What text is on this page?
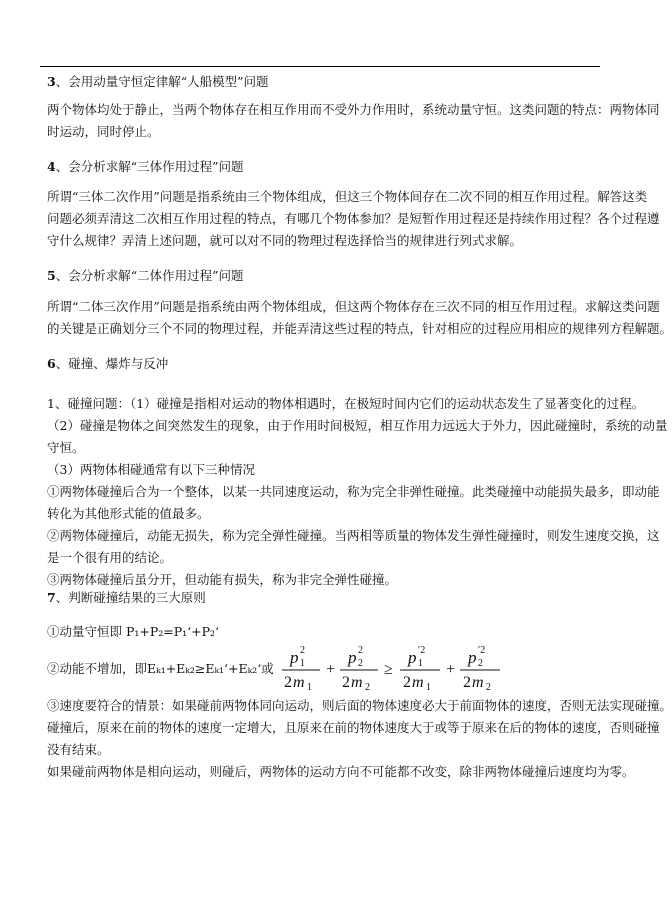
3、会用动量守恒定律解“人船模型”问题
两个物体均处于静止，当两个物体存在相互作用而不受外力作用时，系统动量守恒。这类问题的特点：两物体同
时运动，同时停止。
4、会分析求解“三体作用过程”问题
所谓“三体二次作用”问题是指系统由三个物体组成，但这三个物体间存在二次不同的相互作用过程。解答这类
问题必须弄清这二次相互作用过程的特点，有哪几个物体参加？是短暂作用过程还是持续作用过程？各个过程遵
守什么规律？弄清上述问题，就可以对不同的物理过程选择恰当的规律进行列式求解。
5、会分析求解“二体作用过程”问题
所谓“二体三次作用”问题是指系统由两个物体组成，但这两个物体存在三次不同的相互作用过程。求解这类问题
的关键是正确划分三个不同的物理过程，并能弄清这些过程的特点，针对相应的过程应用相应的规律列方程解题。
6、碰撞、爆炸与反冲
1、碰撞问题：（1）碰撞是指相对运动的物体相遇时，在极短时间内它们的运动状态发生了显著变化的过程。
（2）碰撞是物体之间突然发生的现象，由于作用时间极短，相互作用力远远大于外力，因此碰撞时，系统的动量
守恒。
（3）两物体相碰通常有以下三种情况
①两物体碰撞后合为一个整体，以某一共同速度运动，称为完全非弹性碰撞。此类碰撞中动能损失最多，即动能
转化为其他形式能的值最多。
②两物体碰撞后，动能无损失，称为完全弹性碰撞。当两相等质量的物体发生弹性碰撞时，则发生速度交换，这
是一个很有用的结论。
③两物体碰撞后虽分开，但动能有损失，称为非完全弹性碰撞。
7、判断碰撞结果的三大原则
①动量守恒即 P₁+P₂=P₁‘+P₂‘
②动能不增加，即 Eₖ₁+Eₖ₂≥Eₖ₁‘+Eₖ₂‘或
p 1
2
2 m 1
+
p 2
2
2 m 2
≥
p 1
′2
2 m 1
+
p 2
′2
2 m 2
③速度要符合的情景：如果碰前两物体同向运动，则后面的物体速度必大于前面物体的速度，否则无法实现碰撞。
碰撞后，原来在前的物体的速度一定增大，且原来在前的物体速度大于或等于原来在后的物体的速度，否则碰撞
没有结束。
如果碰前两物体是相向运动，则碰后，两物体的运动方向不可能都不改变，除非两物体碰撞后速度均为零。
